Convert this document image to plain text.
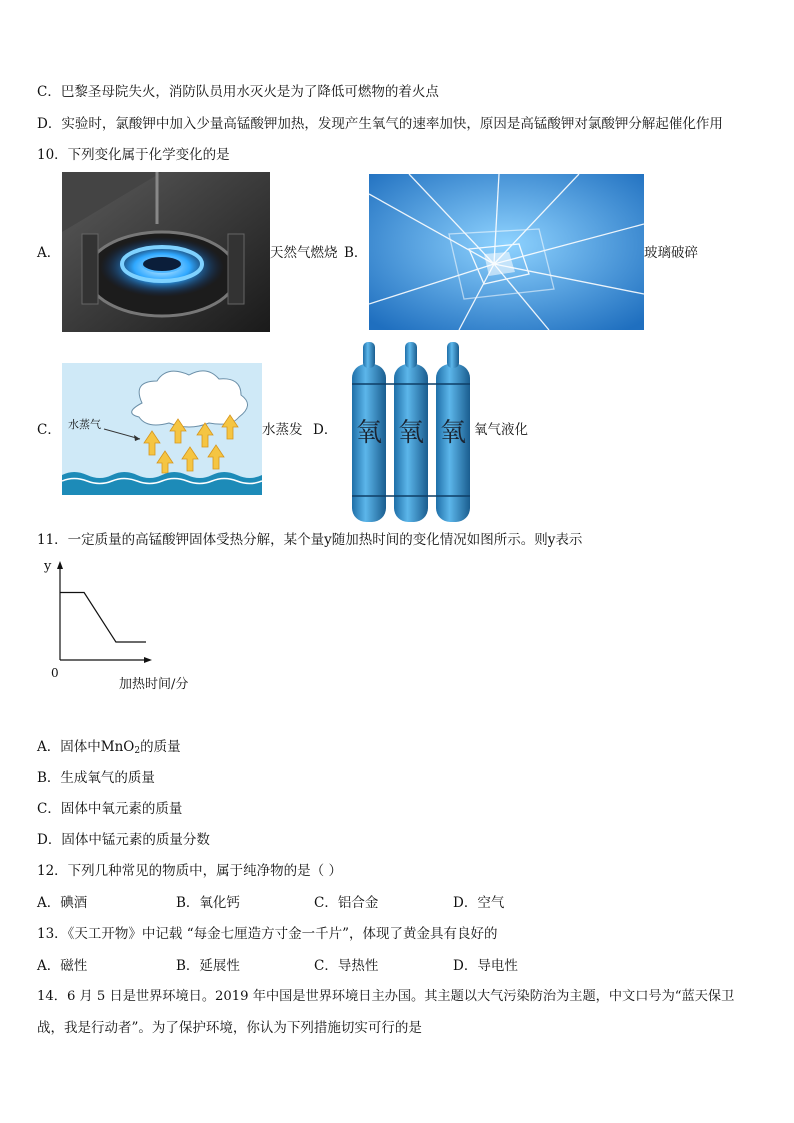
C．巴黎圣母院失火，消防队员用水灭火是为了降低可燃物的着火点
D．实验时，氯酸钾中加入少量高锰酸钾加热，发现产生氧气的速率加快，原因是高锰酸钾对氯酸钾分解起催化作用
10．下列变化属于化学变化的是
A．	天然气燃烧 B．	玻璃破碎
C． 水蒸气	水蒸发 D． 氧 氧 氧 氧气液化
11．一定质量的高锰酸钾固体受热分解，某个量y随加热时间的变化情况如图所示。则y表示
y
0
加热时间/分
A．固体中MnO$_2$的质量
B．生成氧气的质量
C．固体中氧元素的质量
D．固体中锰元素的质量分数
12．下列几种常见的物质中，属于纯净物的是（ ）
A．碘酒	B．氧化钙	C．铝合金	D．空气
13．《天工开物》中记载 “每金七厘造方寸金一千片”，体现了黄金具有良好的
A．磁性	B．延展性	C．导热性	D．导电性
14．6 月 5 日是世界环境日。2019 年中国是世界环境日主办国。其主题以大气污染防治为主题，中文口号为“蓝天保卫
战，我是行动者”。为了保护环境，你认为下列措施切实可行的是
